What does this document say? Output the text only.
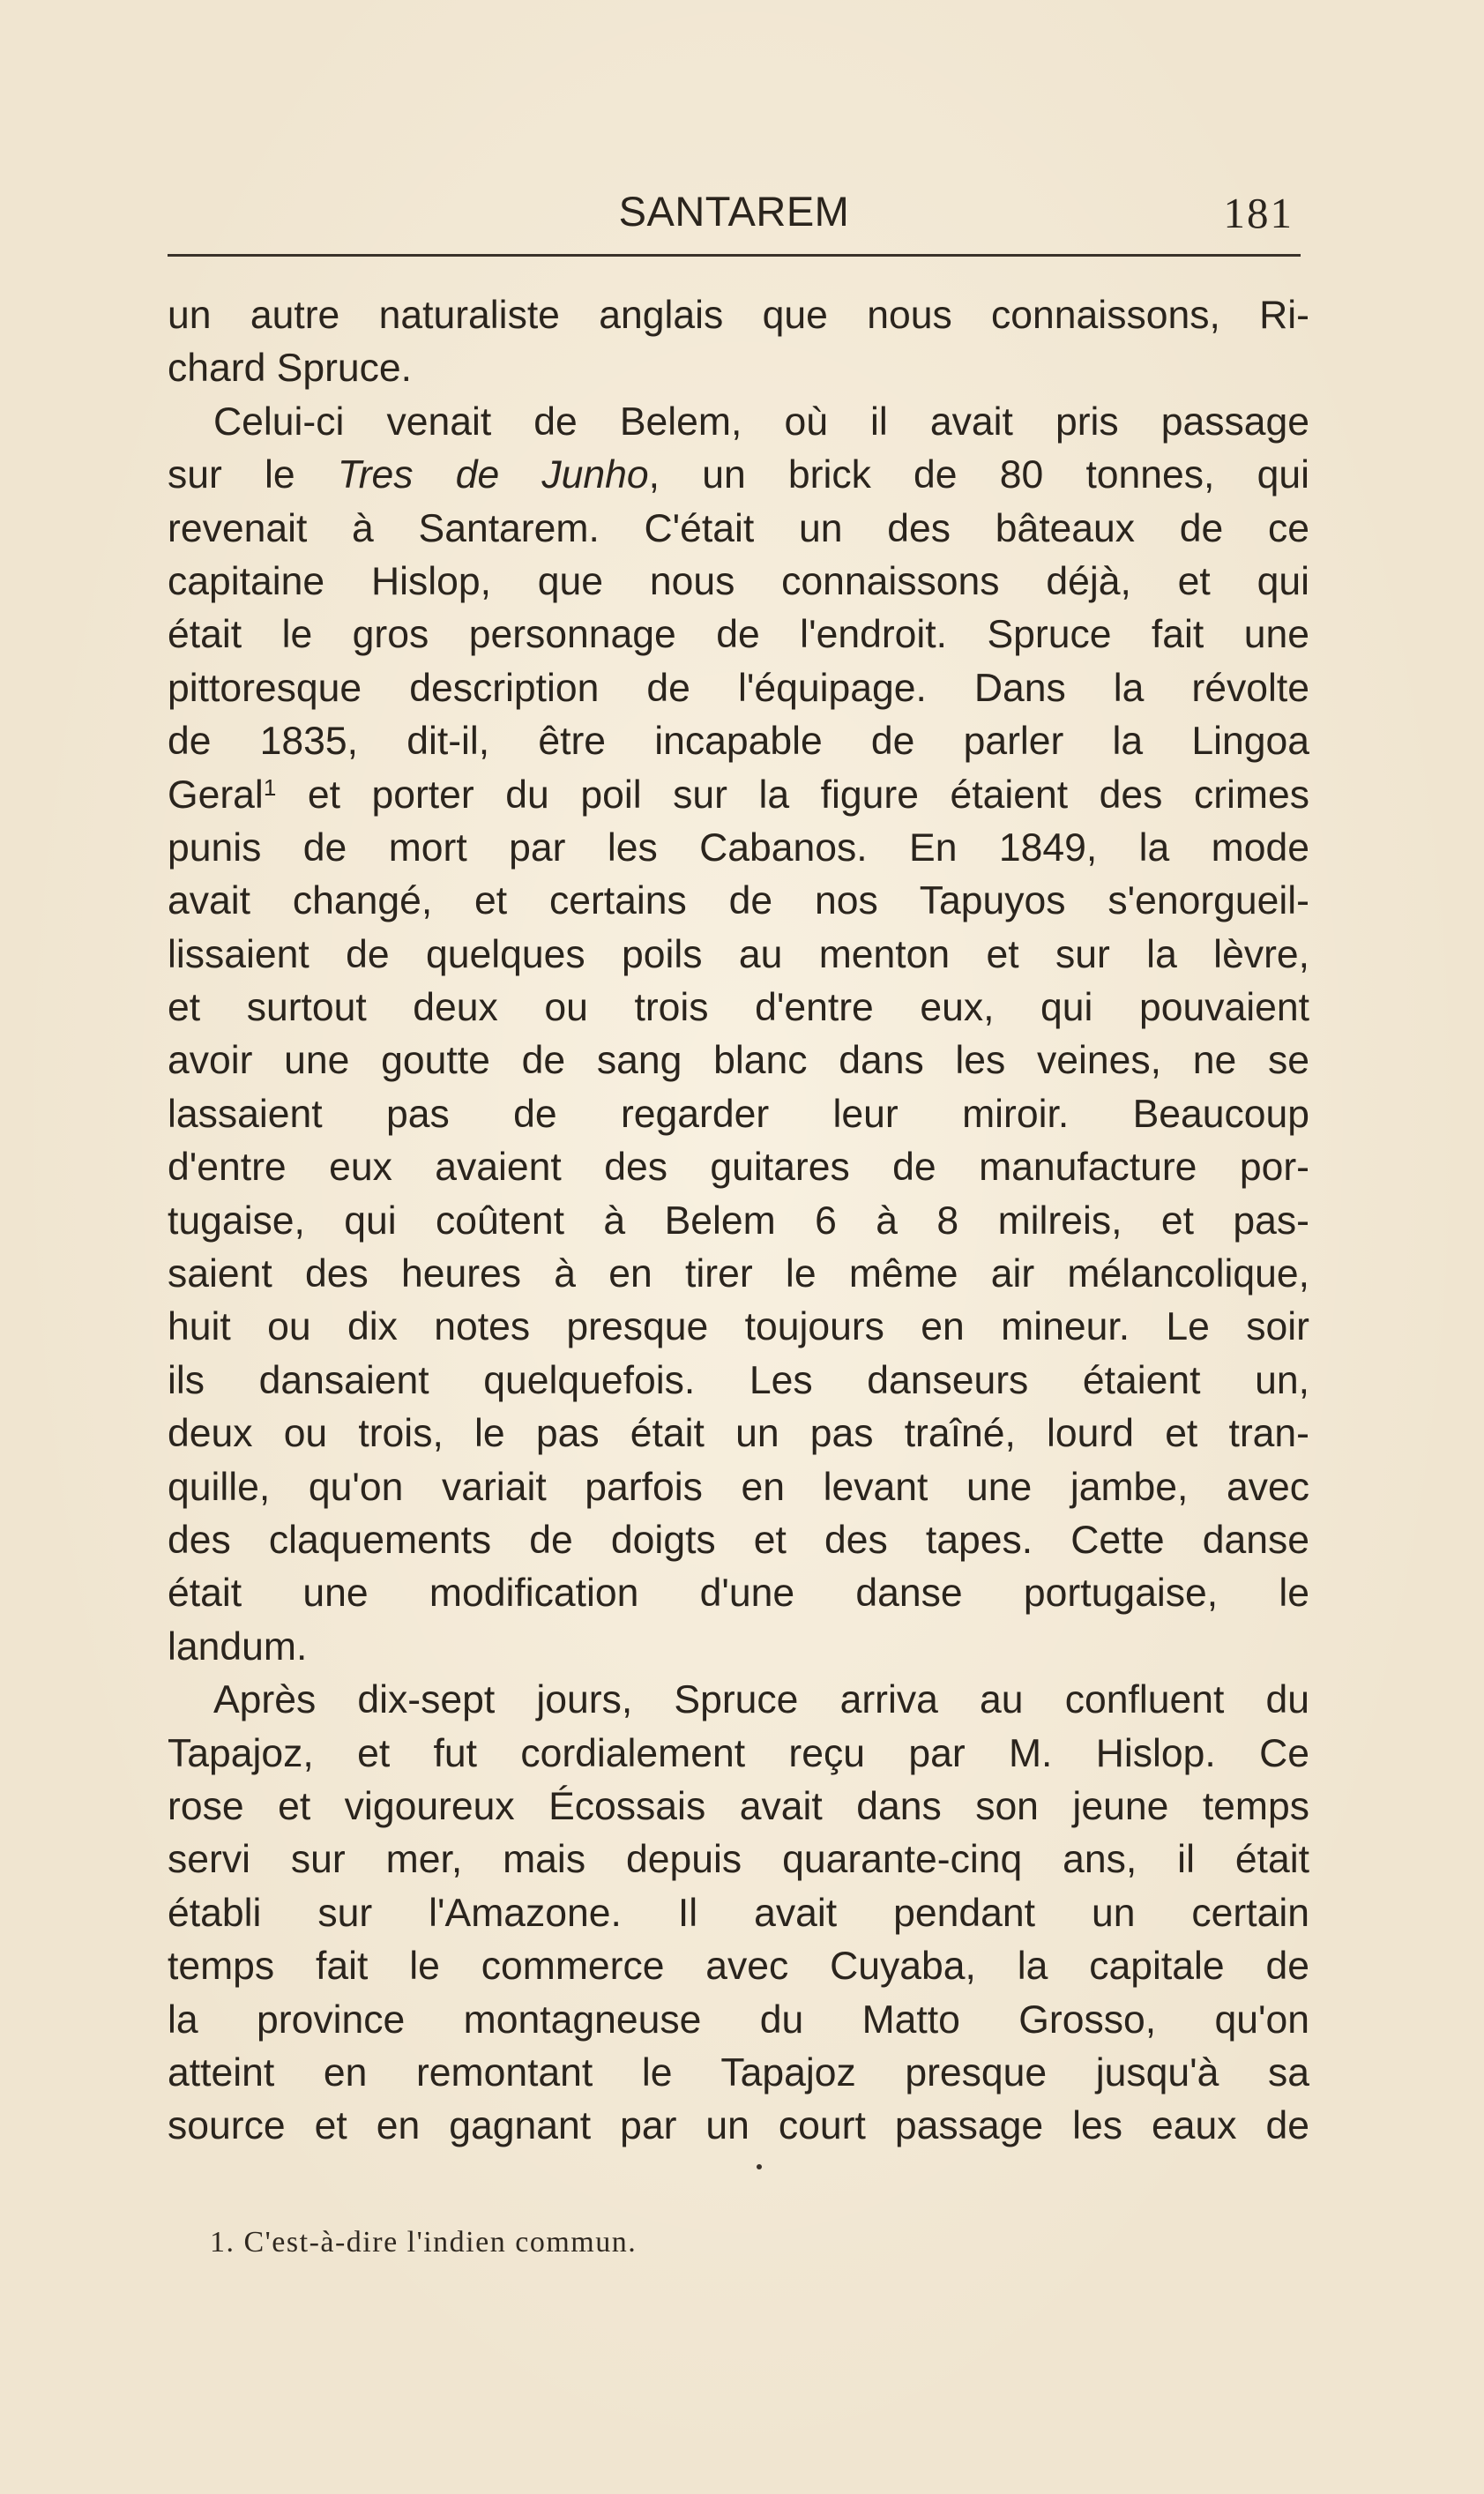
SANTAREM	181
un autre naturaliste anglais que nous connaissons, Ri-
chard Spruce.
Celui-ci venait de Belem, où il avait pris passage
sur le Tres de Junho, un brick de 80 tonnes, qui
revenait à Santarem. C'était un des bâteaux de ce
capitaine Hislop, que nous connaissons déjà, et qui
était le gros personnage de l'endroit. Spruce fait une
pittoresque description de l'équipage. Dans la révolte
de 1835, dit-il, être incapable de parler la Lingoa
Geral$^1$ et porter du poil sur la figure étaient des crimes
punis de mort par les Cabanos. En 1849, la mode
avait changé, et certains de nos Tapuyos s'enorgueil-
lissaient de quelques poils au menton et sur la lèvre,
et surtout deux ou trois d'entre eux, qui pouvaient
avoir une goutte de sang blanc dans les veines, ne se
lassaient pas de regarder leur miroir. Beaucoup
d'entre eux avaient des guitares de manufacture por-
tugaise, qui coûtent à Belem 6 à 8 milreis, et pas-
saient des heures à en tirer le même air mélancolique,
huit ou dix notes presque toujours en mineur. Le soir
ils dansaient quelquefois. Les danseurs étaient un,
deux ou trois, le pas était un pas traîné, lourd et tran-
quille, qu'on variait parfois en levant une jambe, avec
des claquements de doigts et des tapes. Cette danse
était une modification d'une danse portugaise, le
landum.
Après dix-sept jours, Spruce arriva au confluent du
Tapajoz, et fut cordialement reçu par M. Hislop. Ce
rose et vigoureux Écossais avait dans son jeune temps
servi sur mer, mais depuis quarante-cinq ans, il était
établi sur l'Amazone. Il avait pendant un certain
temps fait le commerce avec Cuyaba, la capitale de
la province montagneuse du Matto Grosso, qu'on
atteint en remontant le Tapajoz presque jusqu'à sa
source et en gagnant par un court passage les eaux de
1. C'est-à-dire l'indien commun.
